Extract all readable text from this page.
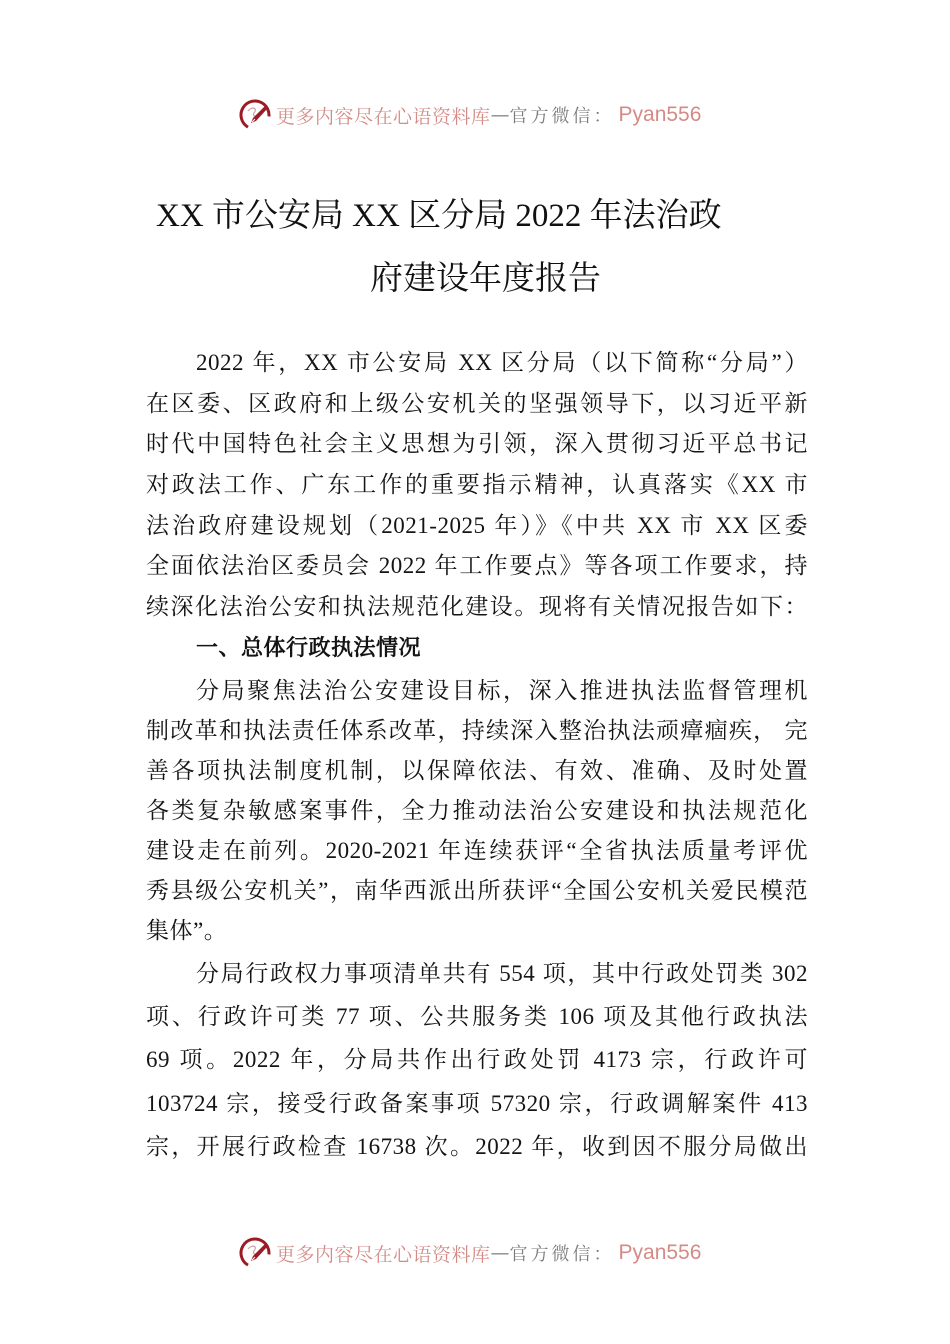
更多内容尽在心语资料库 — 官方微信： Pyan556
XX 市公安局 XX 区分局 2022 年法治政
府建设年度报告
2022 年，XX 市公安局 XX 区分局（以下简称“分局”）
在区委、区政府和上级公安机关的坚强领导下，以习近平新
时代中国特色社会主义思想为引领，深入贯彻习近平总书记
对政法工作、广东工作的重要指示精神，认真落实《XX 市
法治政府建设规划（2021-2025 年）》《中共 XX 市 XX 区委
全面依法治区委员会 2022 年工作要点》等各项工作要求，持
续深化法治公安和执法规范化建设。现将有关情况报告如下：
一、总体行政执法情况
分局聚焦法治公安建设目标，深入推进执法监督管理机
制改革和执法责任体系改革，持续深入整治执法顽瘴痼疾， 完
善各项执法制度机制，以保障依法、有效、准确、及时处置
各类复杂敏感案事件，全力推动法治公安建设和执法规范化
建设走在前列。2020-2021 年连续获评“全省执法质量考评优
秀县级公安机关”，南华西派出所获评“全国公安机关爱民模范
集体”。
分局行政权力事项清单共有 554 项，其中行政处罚类 302
项、行政许可类 77 项、公共服务类 106 项及其他行政执法
69 项。2022 年，分局共作出行政处罚 4173 宗，行政许可
103724 宗，接受行政备案事项 57320 宗，行政调解案件 413
宗，开展行政检查 16738 次。2022 年，收到因不服分局做出
更多内容尽在心语资料库 — 官方微信： Pyan556
